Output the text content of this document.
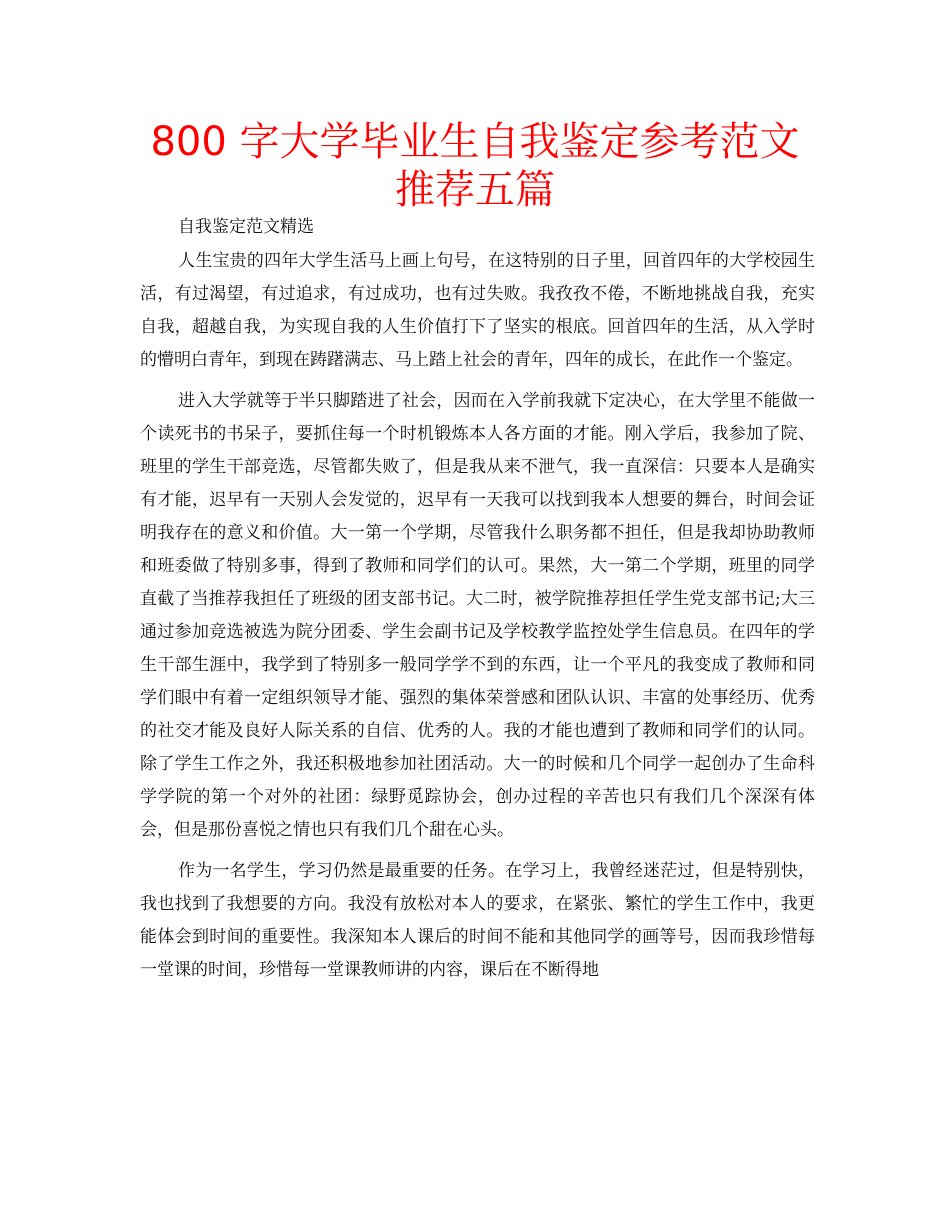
800 字大学毕业生自我鉴定参考范文推荐五篇

自我鉴定范文精选

人生宝贵的四年大学生活马上画上句号，在这特别的日子里，回首四年的大学校园生活，有过渴望，有过追求，有过成功，也有过失败。我孜孜不倦，不断地挑战自我，充实自我，超越自我，为实现自我的人生价值打下了坚实的根底。回首四年的生活，从入学时的懵明白青年，到现在踌躇满志、马上踏上社会的青年，四年的成长，在此作一个鉴定。

进入大学就等于半只脚踏进了社会，因而在入学前我就下定决心，在大学里不能做一个读死书的书呆子，要抓住每一个时机锻炼本人各方面的才能。刚入学后，我参加了院、班里的学生干部竞选，尽管都失败了，但是我从来不泄气，我一直深信：只要本人是确实有才能，迟早有一天别人会发觉的，迟早有一天我可以找到我本人想要的舞台，时间会证明我存在的意义和价值。大一第一个学期，尽管我什么职务都不担任，但是我却协助教师和班委做了特别多事，得到了教师和同学们的认可。果然，大一第二个学期，班里的同学直截了当推荐我担任了班级的团支部书记。大二时，被学院推荐担任学生党支部书记;大三通过参加竞选被选为院分团委、学生会副书记及学校教学监控处学生信息员。在四年的学生干部生涯中，我学到了特别多一般同学学不到的东西，让一个平凡的我变成了教师和同学们眼中有着一定组织领导才能、强烈的集体荣誉感和团队认识、丰富的处事经历、优秀的社交才能及良好人际关系的自信、优秀的人。我的才能也遭到了教师和同学们的认同。除了学生工作之外，我还积极地参加社团活动。大一的时候和几个同学一起创办了生命科学学院的第一个对外的社团：绿野觅踪协会，创办过程的辛苦也只有我们几个深深有体会，但是那份喜悦之情也只有我们几个甜在心头。

作为一名学生，学习仍然是最重要的任务。在学习上，我曾经迷茫过，但是特别快，我也找到了我想要的方向。我没有放松对本人的要求，在紧张、繁忙的学生工作中，我更能体会到时间的重要性。我深知本人课后的时间不能和其他同学的画等号，因而我珍惜每一堂课的时间，珍惜每一堂课教师讲的内容，课后在不断得地
